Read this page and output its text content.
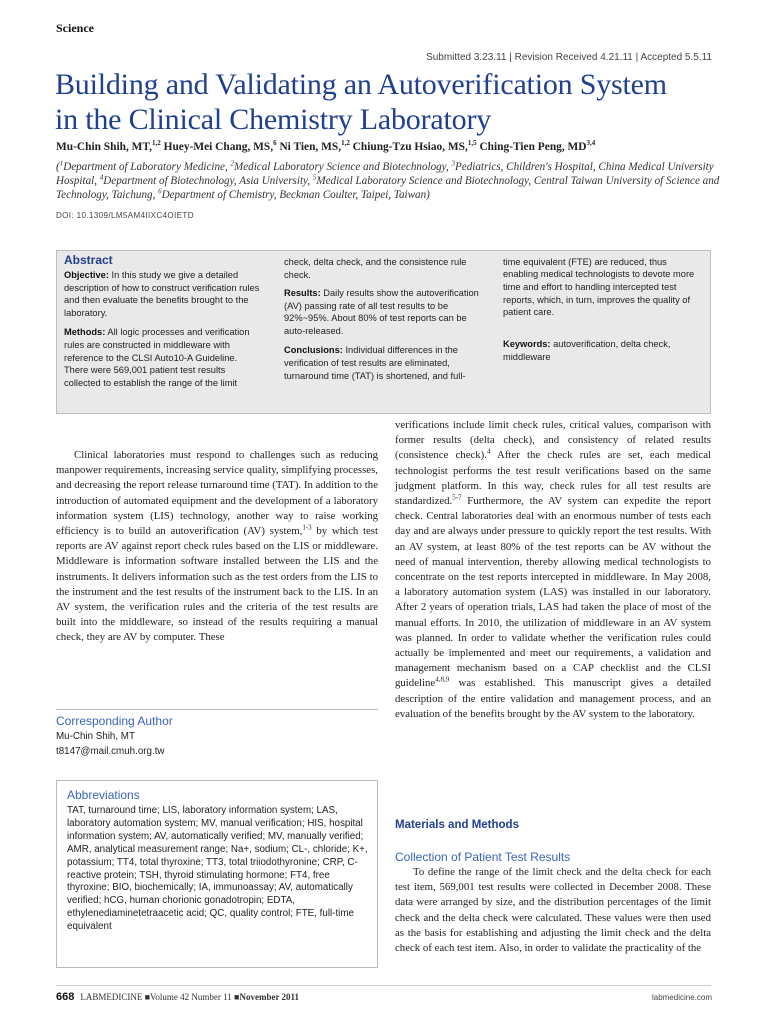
Science
Submitted 3.23.11 | Revision Received 4.21.11 | Accepted 5.5.11
Building and Validating an Autoverification System
in the Clinical Chemistry Laboratory
Mu-Chin Shih, MT,$^{1,2}$ Huey-Mei Chang, MS,$^6$ Ni Tien, MS,$^{1,2}$ Chiung-Tzu Hsiao, MS,$^{1,5}$ Ching-Tien Peng, MD$^{3,4}$
($^1$Department of Laboratory Medicine, $^2$Medical Laboratory Science and Biotechnology, $^3$Pediatrics, Children's Hospital, China Medical University Hospital, $^4$Department of Biotechnology, Asia University, $^5$Medical Laboratory Science and Biotechnology, Central Taiwan University of Science and Technology, Taichung, $^6$Department of Chemistry, Beckman Coulter, Taipei, Taiwan)
DOI: 10.1309/LM5AM4IIXC4OIETD
Abstract

Objective: In this study we give a detailed description of how to construct verification rules and then evaluate the benefits brought to the laboratory.

Methods: All logic processes and verification rules are constructed in middleware with reference to the CLSI Auto10-A Guideline. There were 569,001 patient test results collected to establish the range of the limit

check, delta check, and the consistence rule check.

Results: Daily results show the autoverification (AV) passing rate of all test results to be 92%~95%. About 80% of test reports can be auto-released.

Conclusions: Individual differences in the verification of test results are eliminated, turnaround time (TAT) is shortened, and full-

time equivalent (FTE) are reduced, thus enabling medical technologists to devote more time and effort to handling intercepted test reports, which, in turn, improves the quality of patient care.

Keywords: autoverification, delta check, middleware

Clinical laboratories must respond to challenges such as reducing manpower requirements, increasing service quality, simplifying processes, and decreasing the report release turnaround time (TAT). In addition to the introduction of automated equipment and the development of a laboratory information system (LIS) technology, another way to raise working efficiency is to build an autoverification (AV) system,$^{1-3}$ by which test reports are AV against report check rules based on the LIS or middleware. Middleware is information software installed between the LIS and the instruments. It delivers information such as the test orders from the LIS to the instrument and the test results of the instrument back to the LIS. In an AV system, the verification rules and the criteria of the test results are built into the middleware, so instead of the results requiring a manual check, they are AV by computer. These

Corresponding Author
Mu-Chin Shih, MT
t8147@mail.cmuh.org.tw
Abbreviations
TAT, turnaround time; LIS, laboratory information system; LAS, laboratory automation system; MV, manual verification; HIS, hospital information system; AV, automatically verified; MV, manually verified; AMR, analytical measurement range; Na+, sodium; CL-, chloride; K+, potassium; TT4, total thyroxine; TT3, total triiodothyronine; CRP, C-reactive protein; TSH, thyroid stimulating hormone; FT4, free thyroxine; BIO, biochemically; IA, immunoassay; AV, automatically verified; hCG, human chorionic gonadotropin; EDTA, ethylenediaminetetraacetic acid; QC, quality control; FTE, full-time equivalent

verifications include limit check rules, critical values, comparison with former results (delta check), and consistency of related results (consistence check).$^4$ After the check rules are set, each medical technologist performs the test result verifications based on the same judgment platform. In this way, check rules for all test results are standardized.$^{5-7}$ Furthermore, the AV system can expedite the report check. Central laboratories deal with an enormous number of tests each day and are always under pressure to quickly report the test results. With an AV system, at least 80% of the test reports can be AV without the need of manual intervention, thereby allowing medical technologists to concentrate on the test reports intercepted in middleware. In May 2008, a laboratory automation system (LAS) was installed in our laboratory. After 2 years of operation trials, LAS had taken the place of most of the manual efforts. In 2010, the utilization of middleware in an AV system was planned. In order to validate whether the verification rules could actually be implemented and meet our requirements, a validation and management mechanism based on a CAP checklist and the CLSI guideline$^{4,8,9}$ was established. This manuscript gives a detailed description of the entire validation and management process, and an evaluation of the benefits brought by the AV system to the laboratory.

Materials and Methods
Collection of Patient Test Results

To define the range of the limit check and the delta check for each test item, 569,001 test results were collected in December 2008. These data were arranged by size, and the distribution percentages of the limit check and the delta check were calculated. These values were then used as the basis for establishing and adjusting the limit check and the delta check of each test item. Also, in order to validate the practicality of the

668 LABMEDICINE ■Volume 42 Number 11 ■November 2011	labmedicine.com
